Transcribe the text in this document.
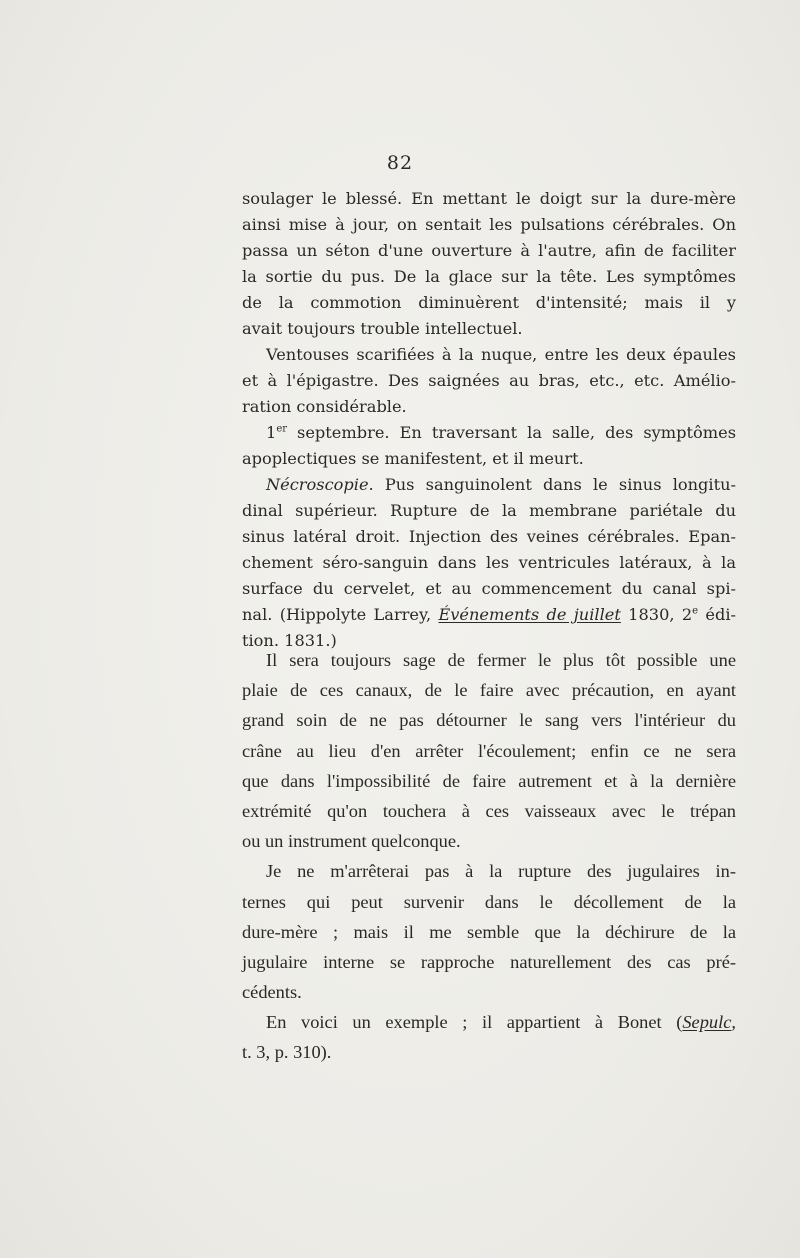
82
soulager le blessé. En mettant le doigt sur la dure-mère
ainsi mise à jour, on sentait les pulsations cérébrales. On
passa un séton d'une ouverture à l'autre, afin de faciliter
la sortie du pus. De la glace sur la tête. Les symptômes
de la commotion diminuèrent d'intensité; mais il y
avait toujours trouble intellectuel.
Ventouses scarifiées à la nuque, entre les deux épaules
et à l'épigastre. Des saignées au bras, etc., etc. Amélio-
ration considérable.
1er septembre. En traversant la salle, des symptômes
apoplectiques se manifestent, et il meurt.
Nécroscopie. Pus sanguinolent dans le sinus longitu-
dinal supérieur. Rupture de la membrane pariétale du
sinus latéral droit. Injection des veines cérébrales. Epan-
chement séro-sanguin dans les ventricules latéraux, à la
surface du cervelet, et au commencement du canal spi-
nal. (Hippolyte Larrey, Événements de juillet 1830, 2e édi-
tion. 1831.)
Il sera toujours sage de fermer le plus tôt possible une
plaie de ces canaux, de le faire avec précaution, en ayant
grand soin de ne pas détourner le sang vers l'intérieur du
crâne au lieu d'en arrêter l'écoulement; enfin ce ne sera
que dans l'impossibilité de faire autrement et à la dernière
extrémité qu'on touchera à ces vaisseaux avec le trépan
ou un instrument quelconque.
Je ne m'arrêterai pas à la rupture des jugulaires in-
ternes qui peut survenir dans le décollement de la
dure-mère ; mais il me semble que la déchirure de la
jugulaire interne se rapproche naturellement des cas pré-
cédents.
En voici un exemple ; il appartient à Bonet (Sepulc,
t. 3, p. 310).
